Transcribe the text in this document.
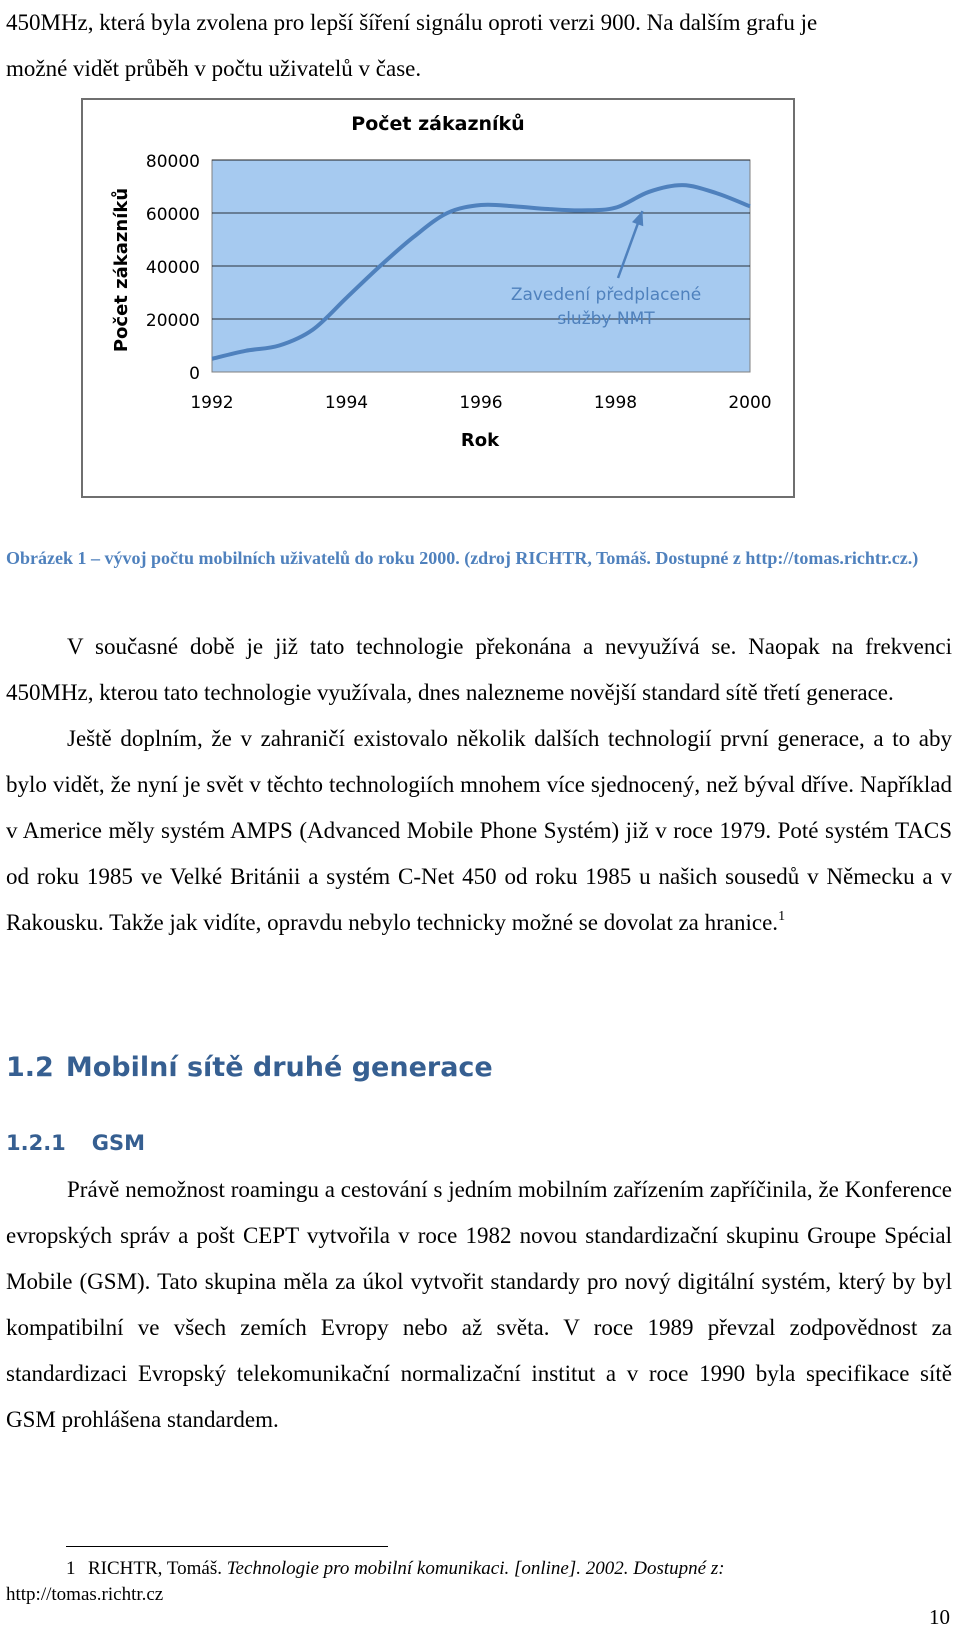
450MHz, která byla zvolena pro lepší šíření signálu oproti verzi 900. Na dalším grafu je
možné vidět průběh v počtu uživatelů v čase.

Počet zákazníků
Zavedení předplacené
služby NMT
0
20000
40000
60000
80000
1992	1994	1996	1998	2000
Rok
Počet zákazníků

Obrázek 1 – vývoj počtu mobilních uživatelů do roku 2000. (zdroj RICHTR, Tomáš. Dostupné z http://tomas.richtr.cz.)

V současné době je již tato technologie překonána a nevyužívá se. Naopak na frekvenci 450MHz, kterou tato technologie využívala, dnes nalezneme novější standard sítě třetí generace.

Ještě doplním, že v zahraničí existovalo několik dalších technologií první generace, a to aby bylo vidět, že nyní je svět v těchto technologiích mnohem více sjednocený, než býval dříve. Například v Americe měly systém AMPS (Advanced Mobile Phone Systém) již v roce 1979. Poté systém TACS od roku 1985 ve Velké Británii a systém C-Net 450 od roku 1985 u našich sousedů v Německu a v Rakousku. Takže jak vidíte, opravdu nebylo technicky možné se dovolat za hranice.$^1$

1.2 Mobilní sítě druhé generace
1.2.1 GSM

Právě nemožnost roamingu a cestování s jedním mobilním zařízením zapříčinila, že Konference evropských správ a pošt CEPT vytvořila v roce 1982 novou standardizační skupinu Groupe Spécial Mobile (GSM). Tato skupina měla za úkol vytvořit standardy pro nový digitální systém, který by byl kompatibilní ve všech zemích Evropy nebo až světa. V roce 1989 převzal zodpovědnost za standardizaci Evropský telekomunikační normalizační institut a v roce 1990 byla specifikace sítě GSM prohlášena standardem.

1 RICHTR, Tomáš. Technologie pro mobilní komunikaci. [online]. 2002. Dostupné z:
http://tomas.richtr.cz

10
